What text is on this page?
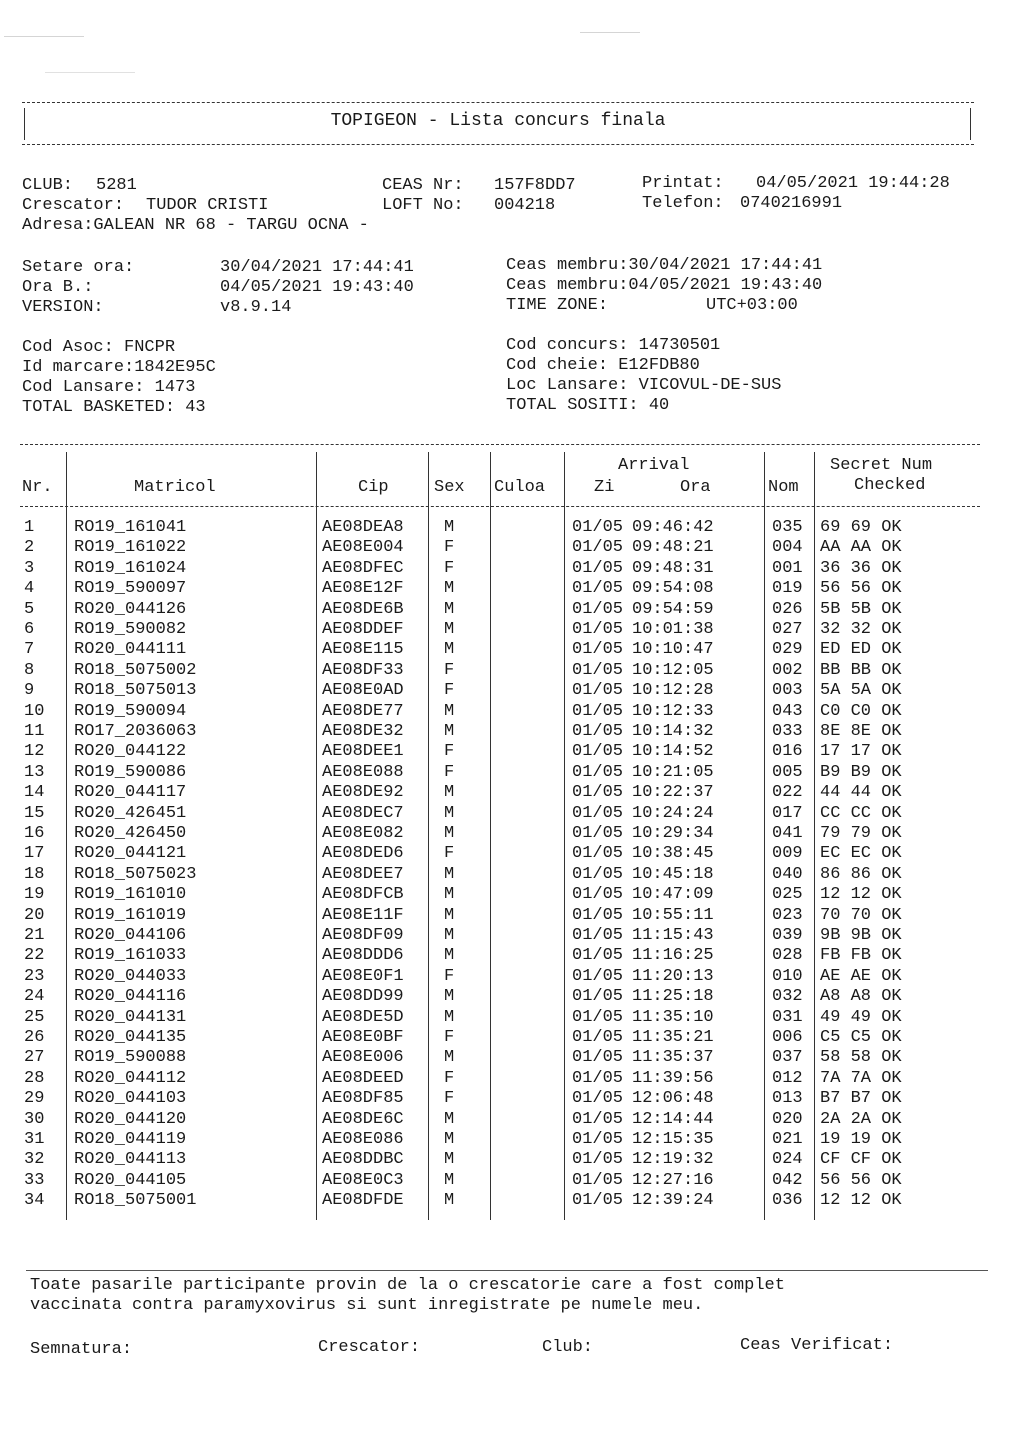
TOPIGEON - Lista concurs finala
CLUB: 5281	CEAS Nr: 157F8DD7	Printat: 04/05/2021 19:44:28
Crescator: TUDOR CRISTI	LOFT No: 004218	Telefon: 0740216991
Adresa:GALEAN NR 68 - TARGU OCNA -
Setare ora:	30/04/2021 17:44:41	Ceas membru:30/04/2021 17:44:41
Ora B.:	04/05/2021 19:43:40	Ceas membru:04/05/2021 19:43:40
VERSION:	v8.9.14	TIME ZONE:	UTC+03:00
Cod Asoc: FNCPR	Cod concurs: 14730501
Id marcare:1842E95C	Cod cheie: E12FDB80
Cod Lansare: 1473	Loc Lansare: VICOVUL-DE-SUS
TOTAL BASKETED: 43	TOTAL SOSITI: 40
Nr.	Matricol	Cip	Sex Culoa
Arrival
Zi	Ora	Nom
Secret Num
Checked
1 RO19_161041	AE08DEA8 M	01/05 09:46:42	035 69 69 OK
2 RO19_161022	AE08E004 F	01/05 09:48:21	004 AA AA OK
3 RO19_161024	AE08DFEC F	01/05 09:48:31	001 36 36 OK
4 RO19_590097	AE08E12F M	01/05 09:54:08	019 56 56 OK
5 RO20_044126	AE08DE6B M	01/05 09:54:59	026 5B 5B OK
6 RO19_590082	AE08DDEF M	01/05 10:01:38	027 32 32 OK
7 RO20_044111	AE08E115 M	01/05 10:10:47	029 ED ED OK
8 RO18_5075002	AE08DF33 F	01/05 10:12:05	002 BB BB OK
9 RO18_5075013	AE08E0AD F	01/05 10:12:28	003 5A 5A OK
10 RO19_590094	AE08DE77 M	01/05 10:12:33	043 C0 C0 OK
11 RO17_2036063	AE08DE32 M	01/05 10:14:32	033 8E 8E OK
12 RO20_044122	AE08DEE1 F	01/05 10:14:52	016 17 17 OK
13 RO19_590086	AE08E088 F	01/05 10:21:05	005 B9 B9 OK
14 RO20_044117	AE08DE92 M	01/05 10:22:37	022 44 44 OK
15 RO20_426451	AE08DEC7 M	01/05 10:24:24	017 CC CC OK
16 RO20_426450	AE08E082 M	01/05 10:29:34	041 79 79 OK
17 RO20_044121	AE08DED6 F	01/05 10:38:45	009 EC EC OK
18 RO18_5075023	AE08DEE7 M	01/05 10:45:18	040 86 86 OK
19 RO19_161010	AE08DFCB M	01/05 10:47:09	025 12 12 OK
20 RO19_161019	AE08E11F M	01/05 10:55:11	023 70 70 OK
21 RO20_044106	AE08DF09 M	01/05 11:15:43	039 9B 9B OK
22 RO19_161033	AE08DDD6 M	01/05 11:16:25	028 FB FB OK
23 RO20_044033	AE08E0F1 F	01/05 11:20:13	010 AE AE OK
24 RO20_044116	AE08DD99 M	01/05 11:25:18	032 A8 A8 OK
25 RO20_044131	AE08DE5D M	01/05 11:35:10	031 49 49 OK
26 RO20_044135	AE08E0BF F	01/05 11:35:21	006 C5 C5 OK
27 RO19_590088	AE08E006 M	01/05 11:35:37	037 58 58 OK
28 RO20_044112	AE08DEED F	01/05 11:39:56	012 7A 7A OK
29 RO20_044103	AE08DF85 F	01/05 12:06:48	013 B7 B7 OK
30 RO20_044120	AE08DE6C M	01/05 12:14:44	020 2A 2A OK
31 RO20_044119	AE08E086 M	01/05 12:15:35	021 19 19 OK
32 RO20_044113	AE08DDBC M	01/05 12:19:32	024 CF CF OK
33 RO20_044105	AE08E0C3 M	01/05 12:27:16	042 56 56 OK
34 RO18_5075001	AE08DFDE M	01/05 12:39:24	036 12 12 OK
Toate pasarile participante provin de la o crescatorie care a fost complet
vaccinata contra paramyxovirus si sunt inregistrate pe numele meu.
Semnatura:	Crescator:	Club:	Ceas Verificat:
